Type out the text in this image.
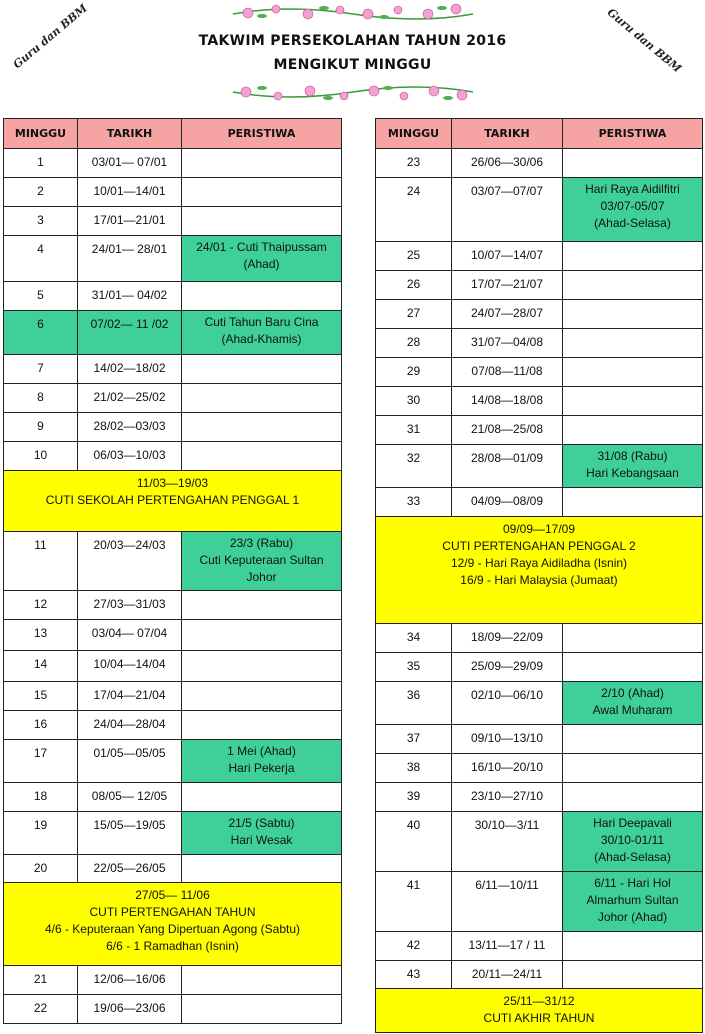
Guru dan BBM	Guru dan BBM
TAKWIM PERSEKOLAHAN TAHUN 2016
MENGIKUT MINGGU
MINGGU	TARIKH	PERISTIWA
1	03/01— 07/01	
2	10/01—14/01	
3	17/01—21/01	
4	24/01— 28/01	24/01 - Cuti Thaipussam
(Ahad)

5	31/01— 04/02	
6	07/02— 11 /02	Cuti Tahun Baru Cina
(Ahad-Khamis)

7	14/02—18/02	
8	21/02—25/02	
9	28/02—03/03	
10	06/03—10/03	

11/03—19/03
CUTI SEKOLAH PERTENGAHAN PENGGAL 1		

11	20/03—24/03	23/3 (Rabu)
Cuti Keputeraan Sultan
Johor

12	27/03—31/03	
13	03/04— 07/04	
14	10/04—14/04	
15	17/04—21/04	
16	24/04—28/04	
17	01/05—05/05	1 Mei (Ahad)
Hari Pekerja

18	08/05— 12/05	
19	15/05—19/05	21/5 (Sabtu)
Hari Wesak

20	22/05—26/05	

27/05— 11/06
CUTI PERTENGAHAN TAHUN
4/6 - Keputeraan Yang Dipertuan Agong (Sabtu)
6/6 - 1 Ramadhan (Isnin)		

21	12/06—16/06	
22	19/06—23/06	
MINGGU	TARIKH	PERISTIWA
23	26/06—30/06	
24	03/07—07/07	Hari Raya Aidilfitri
03/07-05/07
(Ahad-Selasa)

25	10/07—14/07	
26	17/07—21/07	
27	24/07—28/07	
28	31/07—04/08	
29	07/08—11/08	
30	14/08—18/08	
31	21/08—25/08	
32	28/08—01/09	31/08 (Rabu)
Hari Kebangsaan

33	04/09—08/09	

09/09—17/09
CUTI PERTENGAHAN PENGGAL 2
12/9 - Hari Raya Aidiladha (Isnin)
16/9 - Hari Malaysia (Jumaat)		

34	18/09—22/09	
35	25/09—29/09	
36	02/10—06/10	2/10 (Ahad)
Awal Muharam

37	09/10—13/10	
38	16/10—20/10	
39	23/10—27/10	
40	30/10—3/11	Hari Deepavali
30/10-01/11
(Ahad-Selasa)

41	6/11—10/11	6/11 - Hari Hol
Almarhum Sultan
Johor (Ahad)

42	13/11—17 / 11	
43	20/11—24/11	

25/11—31/12
CUTI AKHIR TAHUN		
